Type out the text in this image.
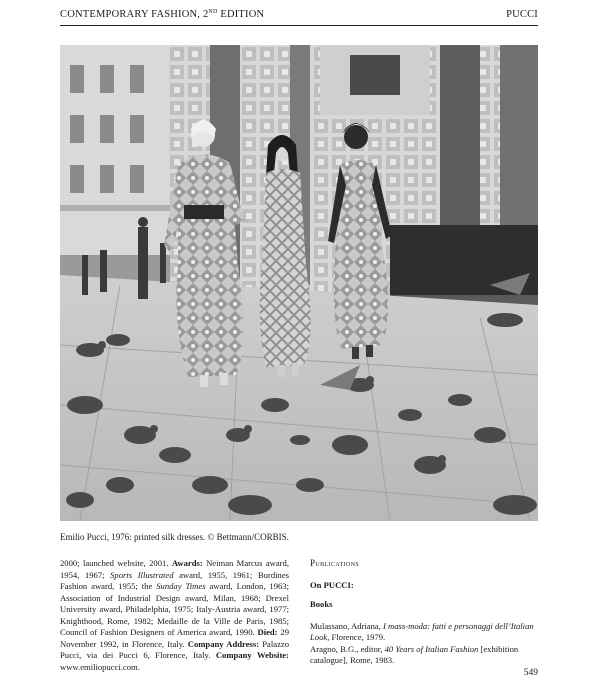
CONTEMPORARY FASHION, 2ND EDITION	PUCCI
Emilio Pucci, 1976: printed silk dresses. © Bettmann/CORBIS.
2000; launched website, 2001. Awards: Neiman Marcus award, 1954, 1967; Sports Illustrated award, 1955, 1961; Burdines Fashion award, 1955; the Sunday Times award, London, 1963; Association of Industrial Design award, Milan, 1968; Drexel University award, Philadelphia, 1975; Italy-Austria award, 1977; Knighthood, Rome, 1982; Medaille de la Ville de Paris, 1985; Council of Fashion Designers of America award, 1990. Died: 29 November 1992, in Florence, Italy. Company Address: Palazzo Pucci, via dei Pucci 6, Florence, Italy. Company Website: www.emiliopucci.com.
Publications
On PUCCI:
Books
Mulassano, Adriana, I mass-moda: fatti e personaggi dell’Italian Look, Florence, 1979.
Aragno, B.G., editor, 40 Years of Italian Fashion [exhibition catalogue], Rome, 1983.
549
